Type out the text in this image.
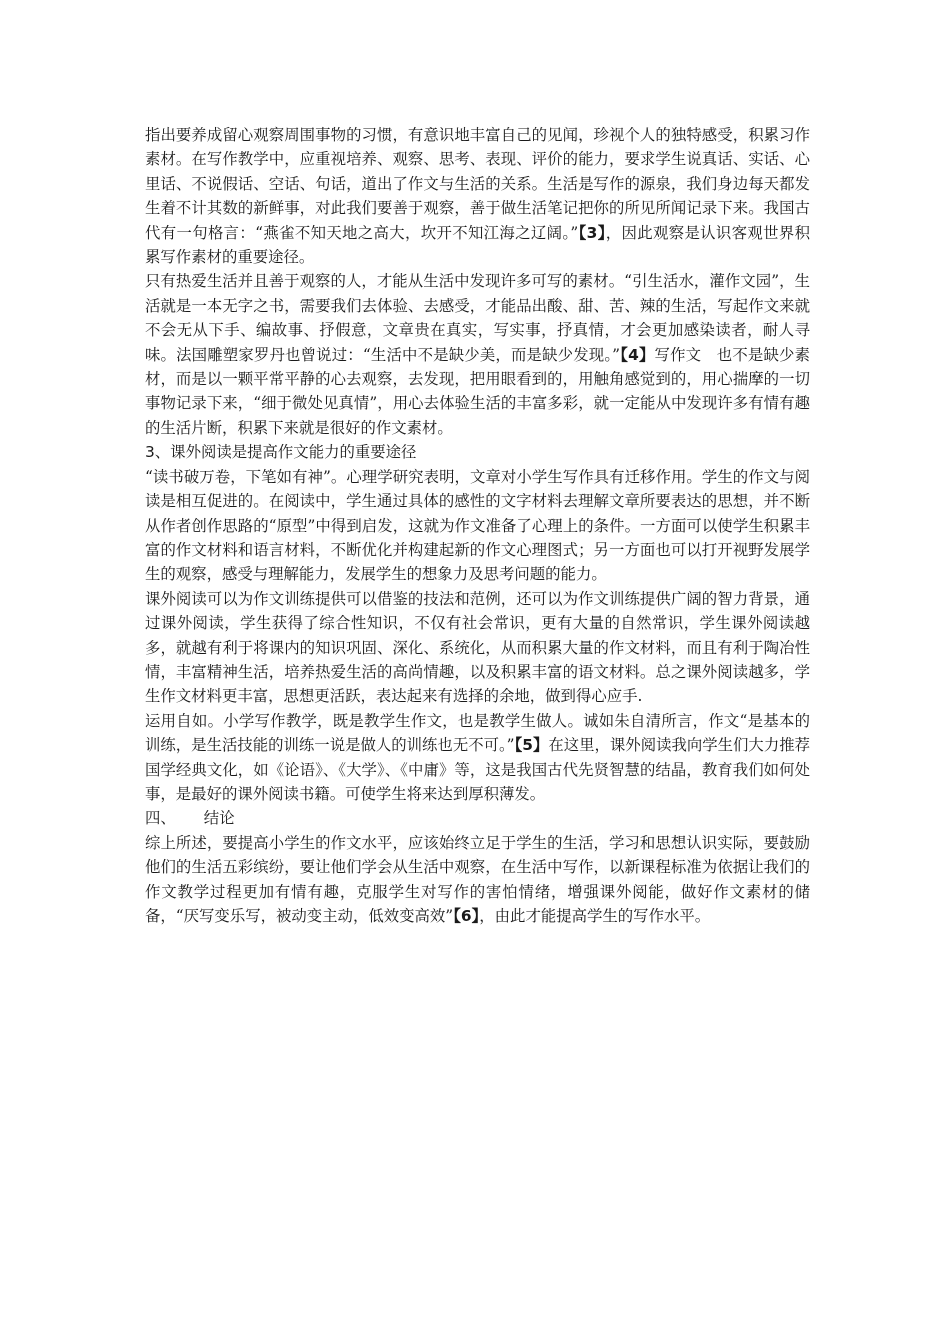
指出要养成留心观察周围事物的习惯，有意识地丰富自己的见闻，珍视个人的独特感受，积累习作素材。在写作教学中，应重视培养、观察、思考、表现、评价的能力，要求学生说真话、实话、心里话、不说假话、空话、句话，道出了作文与生活的关系。生活是写作的源泉，我们身边每天都发生着不计其数的新鲜事，对此我们要善于观察，善于做生活笔记把你的所见所闻记录下来。我国古代有一句格言：“燕雀不知天地之高大，坎开不知江海之辽阔。”【3】，因此观察是认识客观世界积累写作素材的重要途径。

只有热爱生活并且善于观察的人，才能从生活中发现许多可写的素材。“引生活水，灌作文园”，生活就是一本无字之书，需要我们去体验、去感受，才能品出酸、甜、苦、辣的生活，写起作文来就不会无从下手、编故事、抒假意，文章贵在真实，写实事，抒真情，才会更加感染读者，耐人寻味。法国雕塑家罗丹也曾说过：“生活中不是缺少美，而是缺少发现。”【4】写作文　也不是缺少素材，而是以一颗平常平静的心去观察，去发现，把用眼看到的，用触角感觉到的，用心揣摩的一切事物记录下来，“细于微处见真情”，用心去体验生活的丰富多彩，就一定能从中发现许多有情有趣的生活片断，积累下来就是很好的作文素材。

3、课外阅读是提高作文能力的重要途径

“读书破万卷，下笔如有神”。心理学研究表明，文章对小学生写作具有迁移作用。学生的作文与阅读是相互促进的。在阅读中，学生通过具体的感性的文字材料去理解文章所要表达的思想，并不断从作者创作思路的“原型”中得到启发，这就为作文准备了心理上的条件。一方面可以使学生积累丰富的作文材料和语言材料，不断优化并构建起新的作文心理图式；另一方面也可以打开视野发展学生的观察，感受与理解能力，发展学生的想象力及思考问题的能力。

课外阅读可以为作文训练提供可以借鉴的技法和范例，还可以为作文训练提供广阔的智力背景，通过课外阅读，学生获得了综合性知识，不仅有社会常识，更有大量的自然常识，学生课外阅读越多，就越有利于将课内的知识巩固、深化、系统化，从而积累大量的作文材料，而且有利于陶冶性情，丰富精神生活，培养热爱生活的高尚情趣，以及积累丰富的语文材料。总之课外阅读越多，学生作文材料更丰富，思想更活跃，表达起来有选择的余地，做到得心应手.

运用自如。小学写作教学，既是教学生作文，也是教学生做人。诚如朱自清所言，作文“是基本的训练，是生活技能的训练一说是做人的训练也无不可。”【5】在这里，课外阅读我向学生们大力推荐国学经典文化，如《论语》、《大学》、《中庸》等，这是我国古代先贤智慧的结晶，教育我们如何处事，是最好的课外阅读书籍。可使学生将来达到厚积薄发。

四、 结论

综上所述，要提高小学生的作文水平，应该始终立足于学生的生活，学习和思想认识实际，要鼓励他们的生活五彩缤纷，要让他们学会从生活中观察，在生活中写作，以新课程标准为依据让我们的作文教学过程更加有情有趣，克服学生对写作的害怕情绪，增强课外阅能，做好作文素材的储备，“厌写变乐写，被动变主动，低效变高效”【6】，由此才能提高学生的写作水平。
